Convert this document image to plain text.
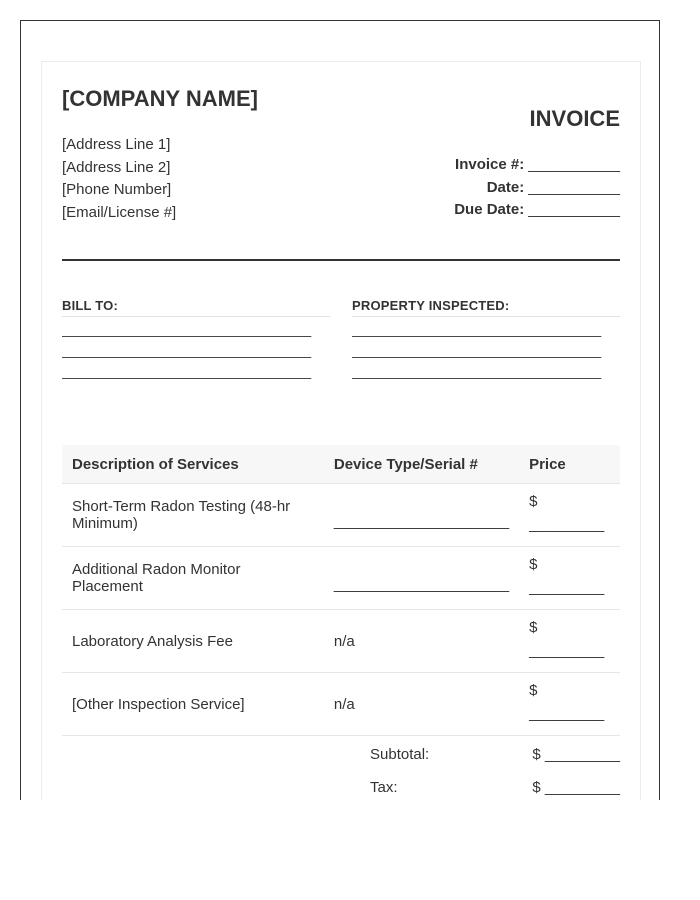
[COMPANY NAME]
[Address Line 1]
[Address Line 2]
[Phone Number]
[Email/License #]
INVOICE
Invoice #: ___________
Date: ___________
Due Date: ___________
BILL TO:
________________________________
________________________________
________________________________
PROPERTY INSPECTED:
________________________________
________________________________
________________________________
Description of Services	Device Type/Serial #	Price
Short-Term Radon Testing (48-hr Minimum)	_____________________	$
_________
Additional Radon Monitor Placement	_____________________	$
_________
Laboratory Analysis Fee	n/a	$
_________
[Other Inspection Service]	n/a	$
_________
Subtotal:	$ _________
Tax:	$ _________
